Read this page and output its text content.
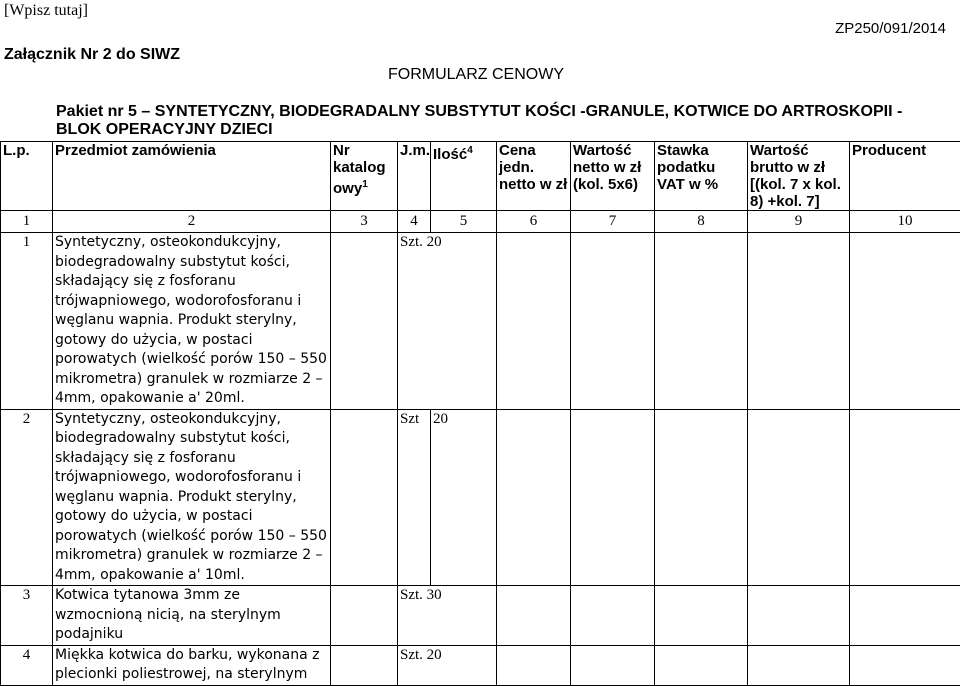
[Wpisz tutaj]
ZP250/091/2014
Załącznik Nr 2 do SIWZ
FORMULARZ CENOWY
Pakiet nr 5 – SYNTETYCZNY, BIODEGRADALNY SUBSTYTUT KOŚCI -GRANULE, KOTWICE DO ARTROSKOPII - BLOK OPERACYJNY DZIECI
L.p.	Przedmiot zamówienia	Nr katalog owy$^1$	J.m.	Ilość$^4$	Cena jedn. netto w zł	Wartość netto w zł (kol. 5x6)	Stawka podatku VAT w %	Wartość brutto w zł [(kol. 7 x kol. 8) +kol. 7]	Producent
1	2	3	4	5	6	7	8	9	10
1	Syntetyczny, osteokondukcyjny, biodegradowalny substytut kości, składający się z fosforanu trójwapniowego, wodorofosforanu i węglanu wapnia. Produkt sterylny, gotowy do użycia, w postaci porowatych (wielkość porów 150 – 550 mikrometra) granulek w rozmiarze 2 – 4mm, opakowanie a' 20ml.		Szt. 20						
2	Syntetyczny, osteokondukcyjny, biodegradowalny substytut kości, składający się z fosforanu trójwapniowego, wodorofosforanu i węglanu wapnia. Produkt sterylny, gotowy do użycia, w postaci porowatych (wielkość porów 150 – 550 mikrometra) granulek w rozmiarze 2 – 4mm, opakowanie a' 10ml.		Szt	20					
3	Kotwica tytanowa 3mm ze wzmocnioną nicią, na sterylnym podajniku		Szt. 30						
4	Miękka kotwica do barku, wykonana z plecionki poliestrowej, na sterylnym		Szt. 20						
